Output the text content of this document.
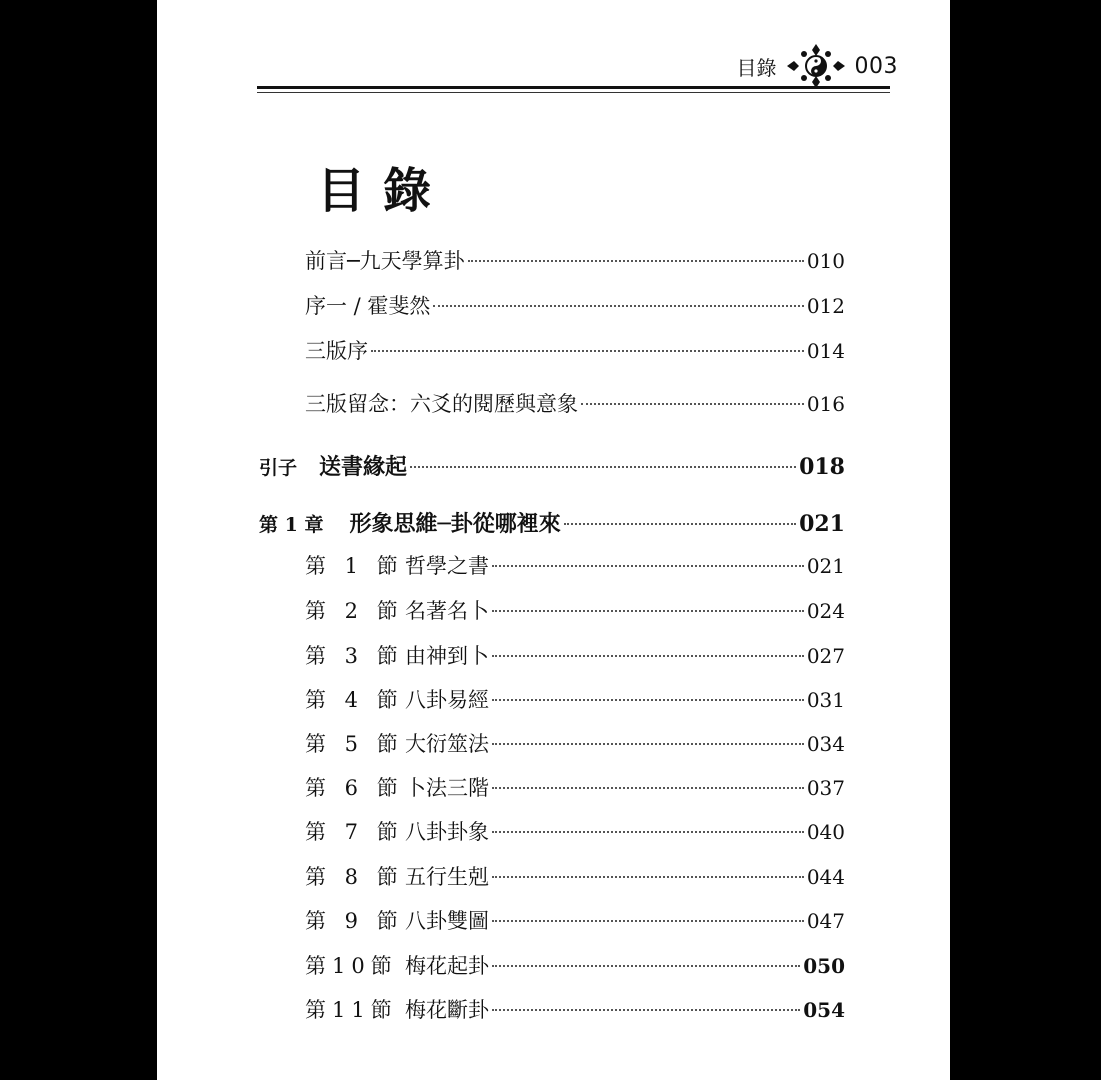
目錄	003
目錄
前言─九天學算卦	010
序一 / 霍斐然	012
三版序	014
三版留念：六爻的閱歷與意象	016
引子 送書緣起	018
第 1 章 形象思維─卦從哪裡來	021
第 1 節 哲學之書	021
第 2 節 名著名卜	024
第 3 節 由神到卜	027
第 4 節 八卦易經	031
第 5 節 大衍筮法	034
第 6 節 卜法三階	037
第 7 節 八卦卦象	040
第 8 節 五行生剋	044
第 9 節 八卦雙圖	047
第10節 梅花起卦	050
第11節 梅花斷卦	054
